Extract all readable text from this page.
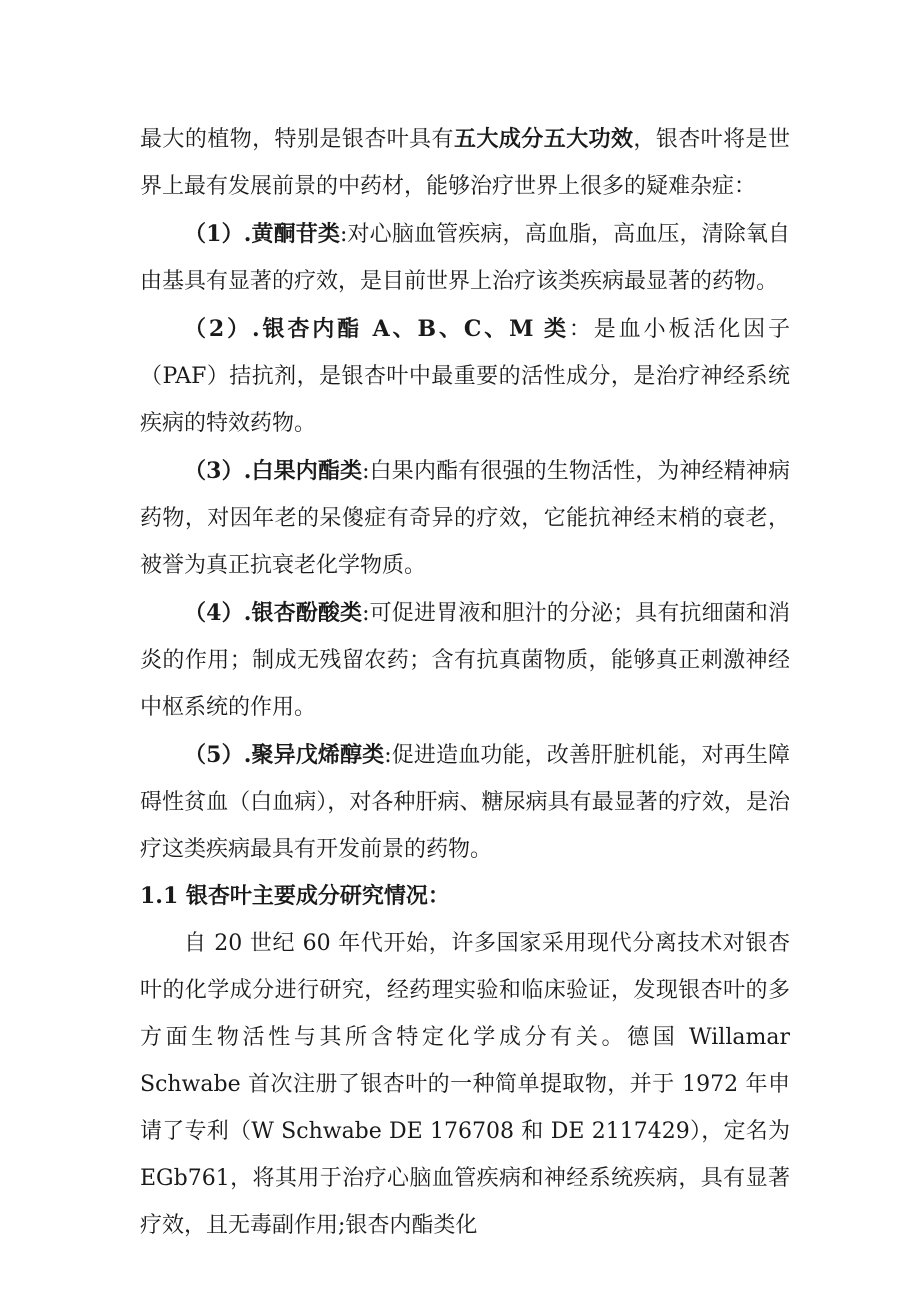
最大的植物，特别是银杏叶具有五大成分五大功效，银杏叶将是世界上最有发展前景的中药材，能够治疗世界上很多的疑难杂症：

（1）.黄酮苷类:对心脑血管疾病，高血脂，高血压，清除氧自由基具有显著的疗效，是目前世界上治疗该类疾病最显著的药物。

（2）.银杏内酯 A、B、C、M 类：是血小板活化因子（PAF）拮抗剂，是银杏叶中最重要的活性成分，是治疗神经系统疾病的特效药物。

（3）.白果内酯类:白果内酯有很强的生物活性，为神经精神病药物，对因年老的呆傻症有奇异的疗效，它能抗神经末梢的衰老，被誉为真正抗衰老化学物质。

（4）.银杏酚酸类:可促进胃液和胆汁的分泌；具有抗细菌和消炎的作用；制成无残留农药；含有抗真菌物质，能够真正刺激神经中枢系统的作用。

（5）.聚异戊烯醇类:促进造血功能，改善肝脏机能，对再生障碍性贫血（白血病），对各种肝病、糖尿病具有最显著的疗效，是治疗这类疾病最具有开发前景的药物。

1.1 银杏叶主要成分研究情况：

自 20 世纪 60 年代开始，许多国家采用现代分离技术对银杏叶的化学成分进行研究，经药理实验和临床验证，发现银杏叶的多方面生物活性与其所含特定化学成分有关。德国 Willamar Schwabe 首次注册了银杏叶的一种简单提取物，并于 1972 年申请了专利（W Schwabe DE 176708 和 DE 2117429），定名为 EGb761，将其用于治疗心脑血管疾病和神经系统疾病，具有显著疗效，且无毒副作用;银杏内酯类化
